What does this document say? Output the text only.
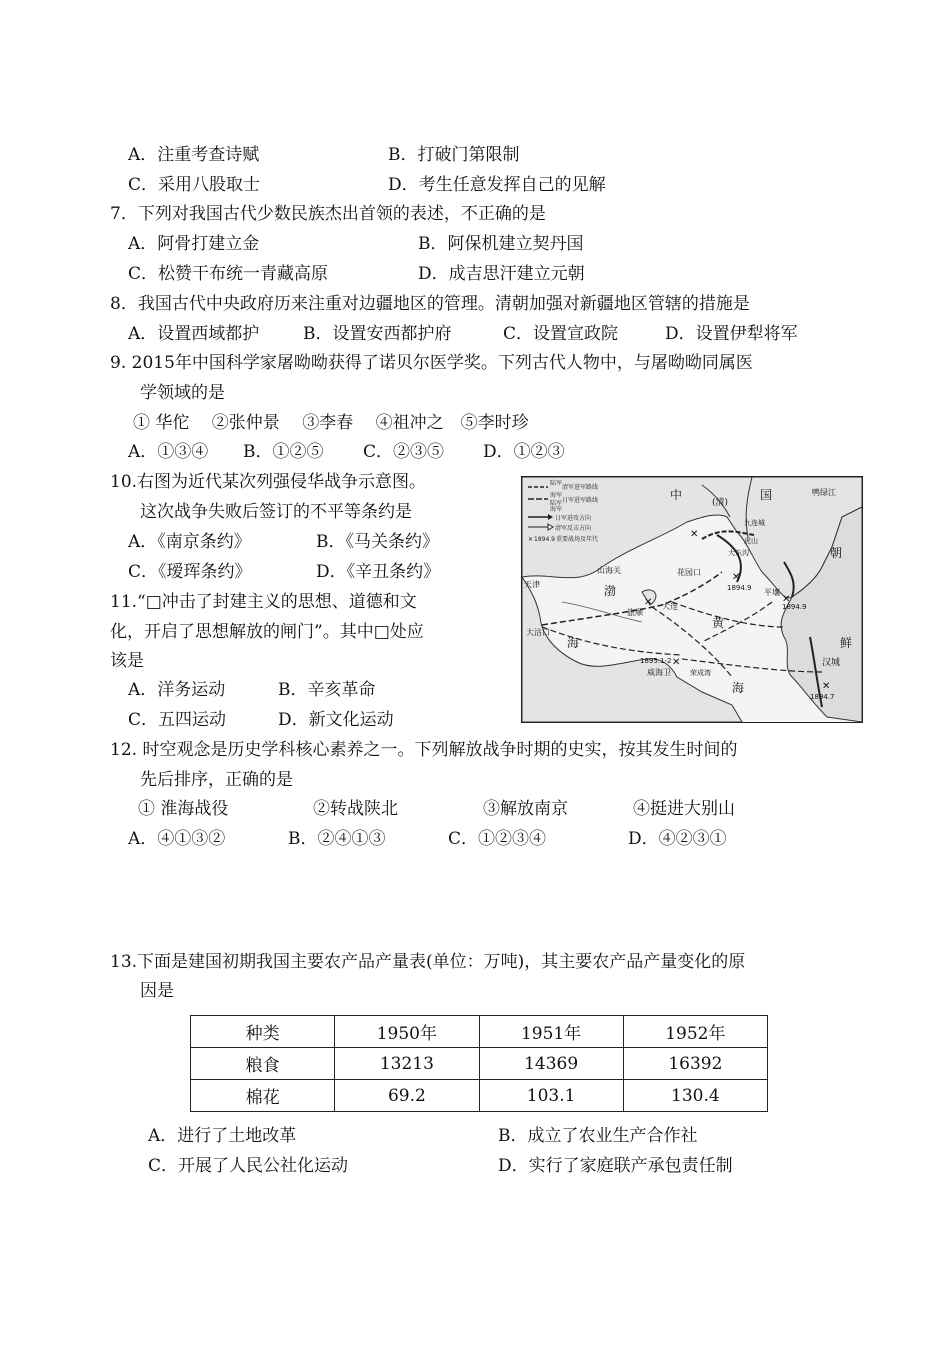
A．注重考查诗赋	B．打破门第限制
C．采用八股取士	D．考生任意发挥自己的见解
7．下列对我国古代少数民族杰出首领的表述，不正确的是
A．阿骨打建立金	B．阿保机建立契丹国
C．松赞干布统一青藏高原	D．成吉思汗建立元朝
8．我国古代中央政府历来注重对边疆地区的管理。清朝加强对新疆地区管辖的措施是
A．设置西域都护	B．设置安西都护府	C．设置宣政院	D．设置伊犁将军
9. 2015年中国科学家屠呦呦获得了诺贝尔医学奖。下列古代人物中，与屠呦呦同属医
学领域的是
① 华佗　 ②张仲景　 ③李春　 ④祖冲之　⑤李时珍
A．①③④ B．①②⑤ C．②③⑤ D．①②③
10.右图为近代某次列强侵华战争示意图。
这次战争失败后签订的不平等条约是
A．《南京条约》	B．《马关条约》
C．《瑷珲条约》	D．《辛丑条约》
11.“□冲击了封建主义的思想、道德和文
化，开启了思想解放的闸门”。其中□处应
该是
A．洋务运动	B．辛亥革命
C．五四运动	D．新文化运动
陆军
清军进军路线
海军
陆军 日军进军路线
海军
日军进攻方向
清军反击方向
✕ 1894.9 重要战场及年代	✕
✕
✕	✕
✕
✕
中
(清)
国
朝
鲜
渤
海
黄
海
天津
大沽口
山海关	花园口
旅顺
大连
九连城
虎山
大东沟
平壤
汉城
威海卫	荣成湾
鸭绿江
1894.9
1894.9
1895.1-2
1894.7
12. 时空观念是历史学科核心素养之一。下列解放战争时期的史实，按其发生时间的
先后排序，正确的是
① 淮海战役	②转战陕北	③解放南京	④挺进大别山
A．④①③②	B．②④①③	C．①②③④	D．④②③①
13.下面是建国初期我国主要农产品产量表(单位：万吨)，其主要农产品产量变化的原
因是
种类	1950年	1951年	1952年
粮食	13213	14369	16392
棉花	69.2	103.1	130.4
A．进行了土地改革	B．成立了农业生产合作社
C．开展了人民公社化运动	D．实行了家庭联产承包责任制
